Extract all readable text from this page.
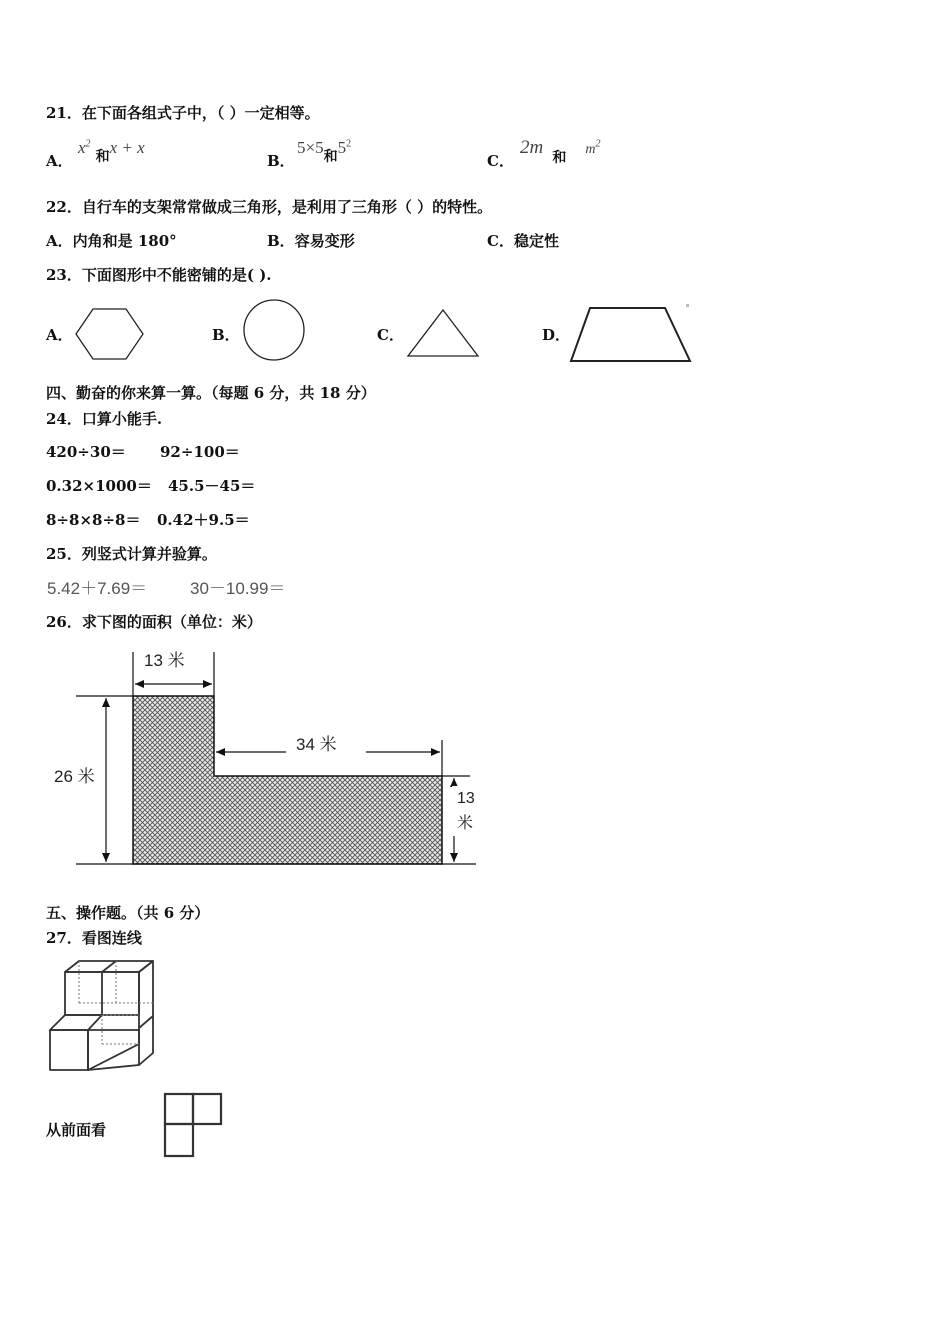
21．在下面各组式子中，（ ）一定相等。
A．
$x^2$ 和x + x
B．
5×5和$5^2$
C．
2m 和 $m^2$
22．自行车的支架常常做成三角形，是利用了三角形（ ）的特性。
A．内角和是 180°	B．容易变形	C．稳定性
23．下面图形中不能密铺的是( ).
A．	B．	C．	D．
四、勤奋的你来算一算。（每题 6 分，共 18 分）
24．口算小能手.
420÷30＝ 92÷100＝
0.32×1000＝ 45.5－45＝
8÷8×8÷8＝ 0.42＋9.5＝
25．列竖式计算并验算。
5.42＋7.69＝	30－10.99＝
26．求下图的面积（单位：米）
13 米
34 米
26 米
13
米
五、操作题。（共 6 分）
27．看图连线
从前面看
